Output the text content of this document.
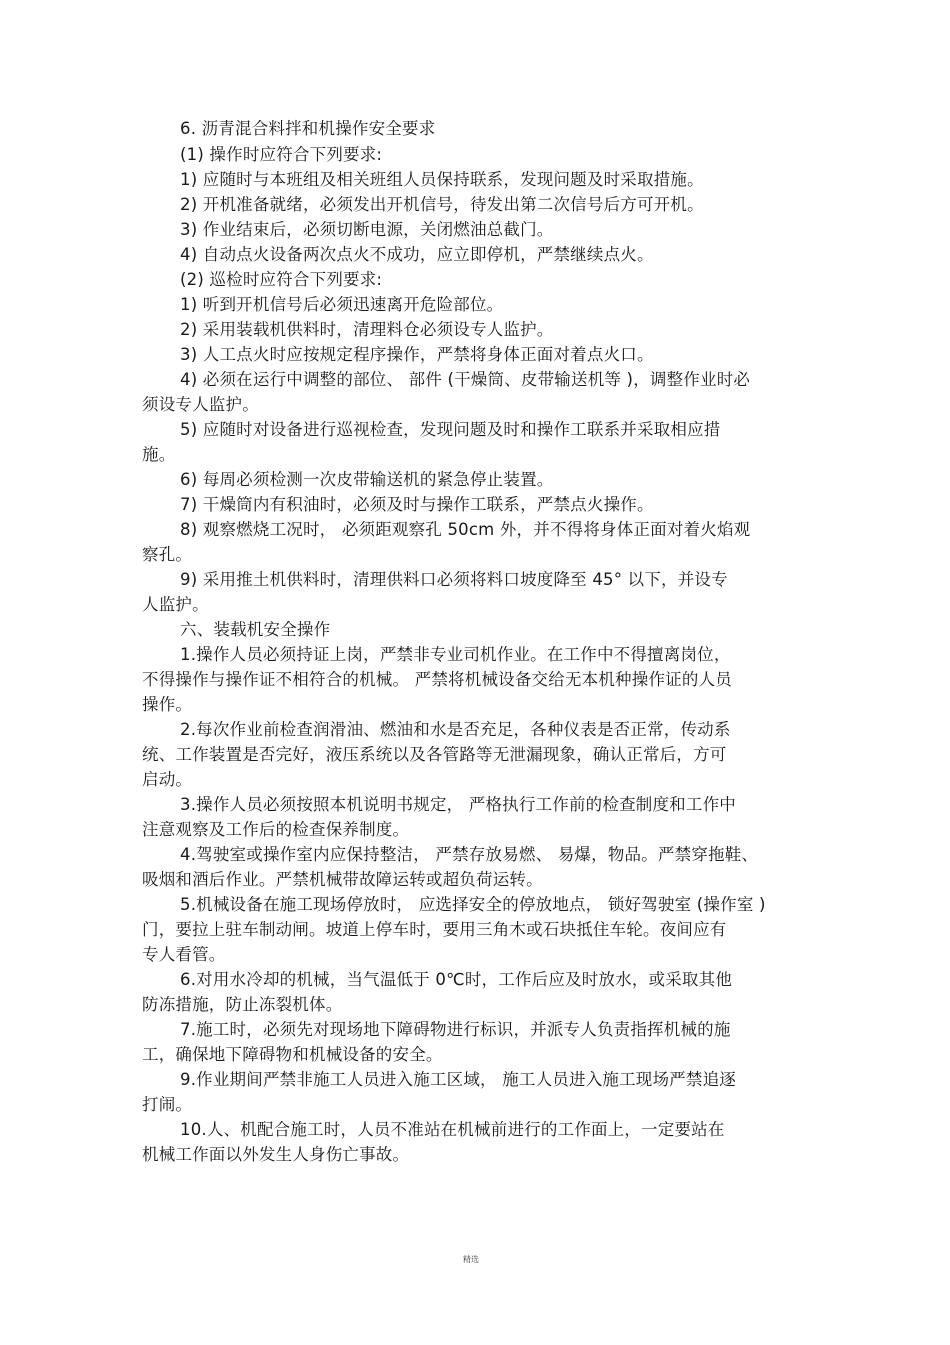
6. 沥青混合料拌和机操作安全要求
(1) 操作时应符合下列要求:
1) 应随时与本班组及相关班组人员保持联系，发现问题及时采取措施。
2) 开机准备就绪，必须发出开机信号，待发出第二次信号后方可开机。
3) 作业结束后，必须切断电源，关闭燃油总截门。
4) 自动点火设备两次点火不成功，应立即停机，严禁继续点火。
(2) 巡检时应符合下列要求:
1) 听到开机信号后必须迅速离开危险部位。
2) 采用装载机供料时，清理料仓必须设专人监护。
3) 人工点火时应按规定程序操作，严禁将身体正面对着点火口。
4) 必须在运行中调整的部位、 部件 (干燥筒、皮带输送机等 )，调整作业时必
须设专人监护。
5) 应随时对设备进行巡视检查，发现问题及时和操作工联系并采取相应措
施。
6) 每周必须检测一次皮带输送机的紧急停止装置。
7) 干燥筒内有积油时，必须及时与操作工联系，严禁点火操作。
8) 观察燃烧工况时， 必须距观察孔 50cm 外，并不得将身体正面对着火焰观
察孔。
9) 采用推土机供料时，清理供料口必须将料口坡度降至 45° 以下，并设专
人监护。
六、装载机安全操作
1.操作人员必须持证上岗，严禁非专业司机作业。在工作中不得擅离岗位，
不得操作与操作证不相符合的机械。 严禁将机械设备交给无本机种操作证的人员
操作。
2.每次作业前检查润滑油、燃油和水是否充足，各种仪表是否正常，传动系
统、工作装置是否完好，液压系统以及各管路等无泄漏现象，确认正常后，方可
启动。
3.操作人员必须按照本机说明书规定， 严格执行工作前的检查制度和工作中
注意观察及工作后的检查保养制度。
4.驾驶室或操作室内应保持整洁， 严禁存放易燃、 易爆，物品。严禁穿拖鞋、
吸烟和酒后作业。严禁机械带故障运转或超负荷运转。
5.机械设备在施工现场停放时， 应选择安全的停放地点， 锁好驾驶室 (操作室 )
门，要拉上驻车制动闸。坡道上停车时，要用三角木或石块抵住车轮。夜间应有
专人看管。
6.对用水冷却的机械，当气温低于 0℃时，工作后应及时放水，或采取其他
防冻措施，防止冻裂机体。
7.施工时，必须先对现场地下障碍物进行标识，并派专人负责指挥机械的施
工，确保地下障碍物和机械设备的安全。
9.作业期间严禁非施工人员进入施工区域， 施工人员进入施工现场严禁追逐
打闹。
10.人、机配合施工时，人员不准站在机械前进行的工作面上，一定要站在
机械工作面以外发生人身伤亡事故。
精选
